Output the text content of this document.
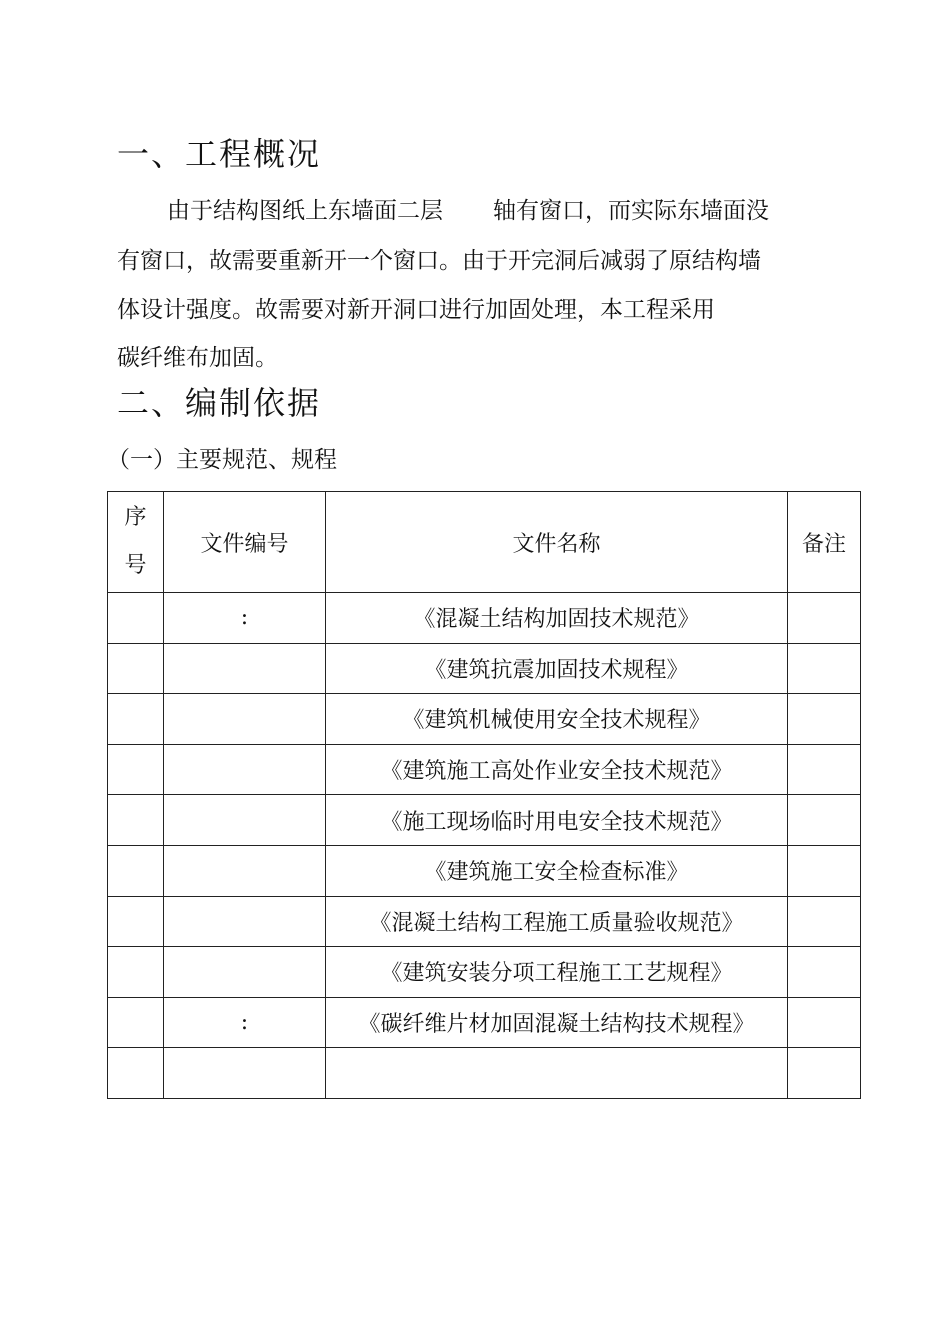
一、工程概况
由于结构图纸上东墙面二层 轴有窗口，而实际东墙面没
有窗口，故需要重新开一个窗口。由于开完洞后减弱了原结构墙
体设计强度。故需要对新开洞口进行加固处理，本工程采用
碳纤维布加固。
二、编制依据
（一）主要规范、规程
序
号	文件编号	文件名称	备注
	:	《混凝土结构加固技术规范》	
		《建筑抗震加固技术规程》	
		《建筑机械使用安全技术规程》	
		《建筑施工高处作业安全技术规范》	
		《施工现场临时用电安全技术规范》	
		《建筑施工安全检查标准》	
		《混凝土结构工程施工质量验收规范》	
		《建筑安装分项工程施工工艺规程》	
	:	《碳纤维片材加固混凝土结构技术规程》	
